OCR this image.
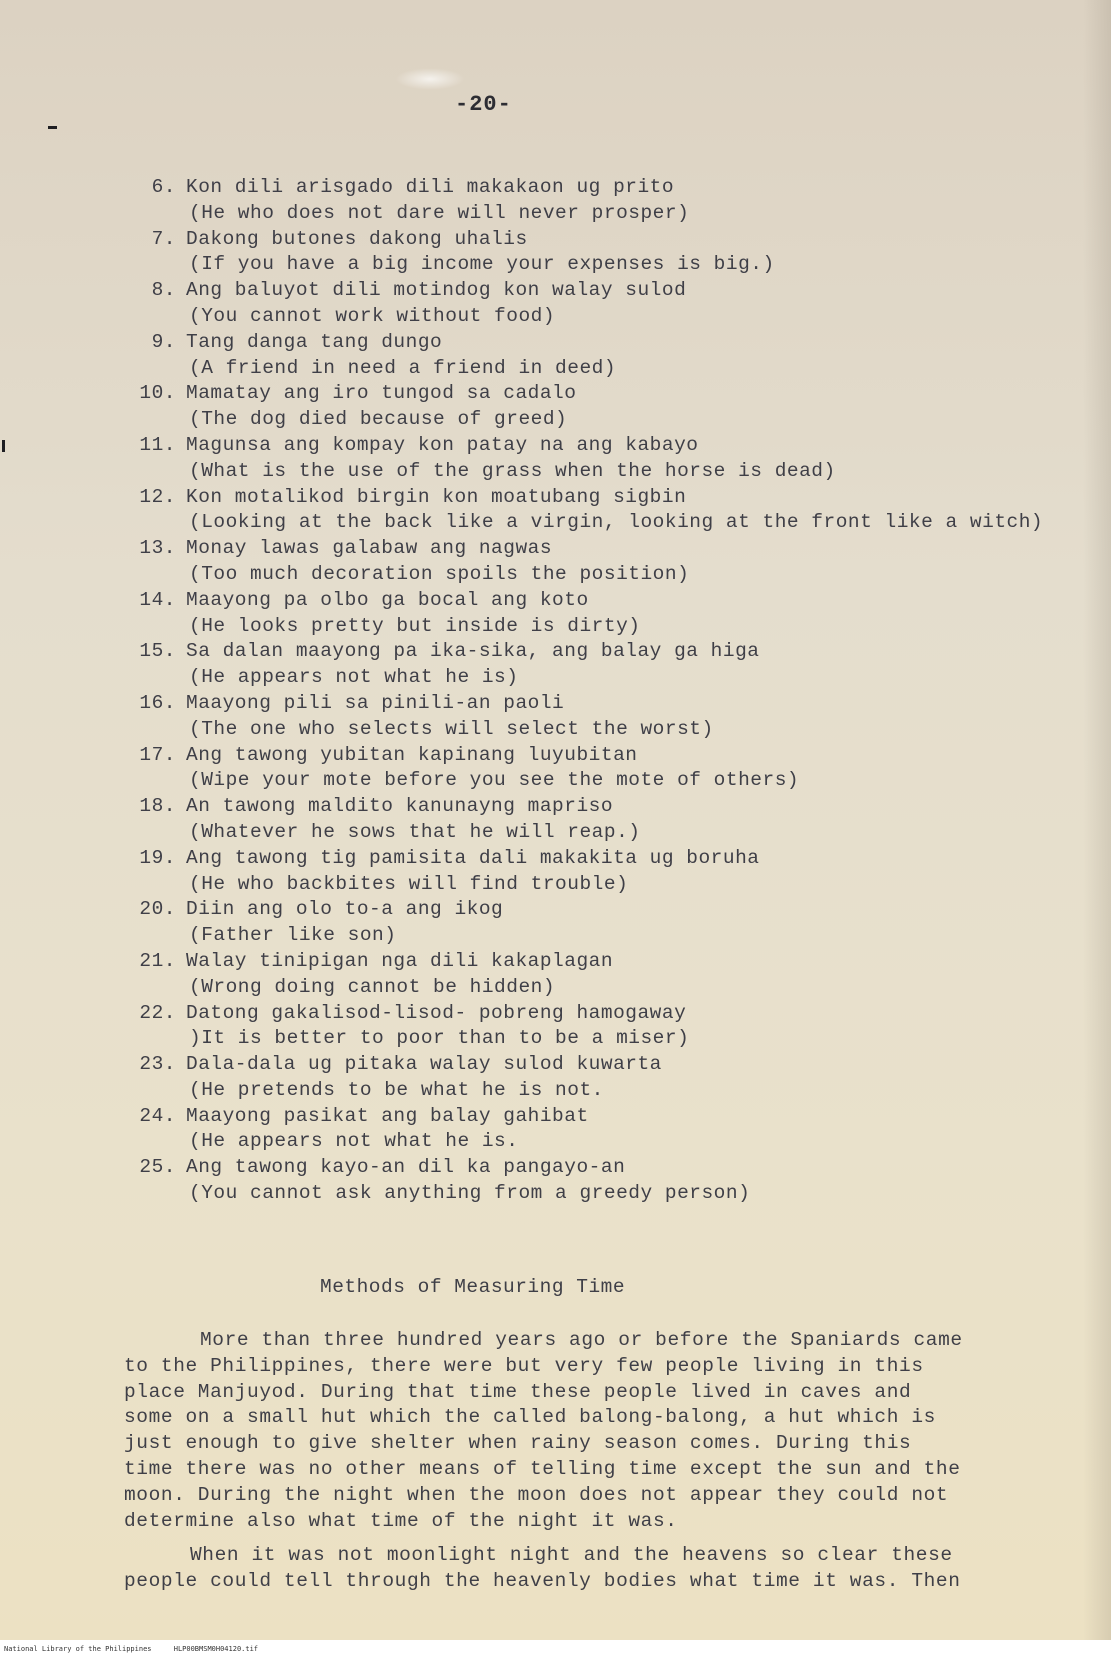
-20-
6. Kon dili arisgado dili makakaon ug prito
(He who does not dare will never prosper)
7. Dakong butones dakong uhalis
(If you have a big income your expenses is big.)
8. Ang baluyot dili motindog kon walay sulod
(You cannot work without food)
9. Tang danga tang dungo
(A friend in need a friend in deed)
10. Mamatay ang iro tungod sa cadalo
(The dog died because of greed)
11. Magunsa ang kompay kon patay na ang kabayo
(What is the use of the grass when the horse is dead)
12. Kon motalikod birgin kon moatubang sigbin
(Looking at the back like a virgin, looking at the front like a witch)
13. Monay lawas galabaw ang nagwas
(Too much decoration spoils the position)
14. Maayong pa olbo ga bocal ang koto
(He looks pretty but inside is dirty)
15. Sa dalan maayong pa ika-sika, ang balay ga higa
(He appears not what he is)
16. Maayong pili sa pinili-an paoli
(The one who selects will select the worst)
17. Ang tawong yubitan kapinang luyubitan
(Wipe your mote before you see the mote of others)
18. An tawong maldito kanunayng mapriso
(Whatever he sows that he will reap.)
19. Ang tawong tig pamisita dali makakita ug boruha
(He who backbites will find trouble)
20. Diin ang olo to-a ang ikog
(Father like son)
21. Walay tinipigan nga dili kakaplagan
(Wrong doing cannot be hidden)
22. Datong gakalisod-lisod- pobreng hamogaway
)It is better to poor than to be a miser)
23. Dala-dala ug pitaka walay sulod kuwarta
(He pretends to be what he is not.
24. Maayong pasikat ang balay gahibat
(He appears not what he is.
25. Ang tawong kayo-an dil ka pangayo-an
(You cannot ask anything from a greedy person)
Methods of Measuring Time

More than three hundred years ago or before the Spaniards came
to the Philippines, there were but very few people living in this
place Manjuyod. During that time these people lived in caves and
some on a small hut which the called balong-balong, a hut which is
just enough to give shelter when rainy season comes. During this
time there was no other means of telling time except the sun and the
moon. During the night when the moon does not appear they could not
determine also what time of the night it was.

When it was not moonlight night and the heavens so clear these
people could tell through the heavenly bodies what time it was. Then

National Library of the Philippines	HLP00BMSM0H04120.tif
